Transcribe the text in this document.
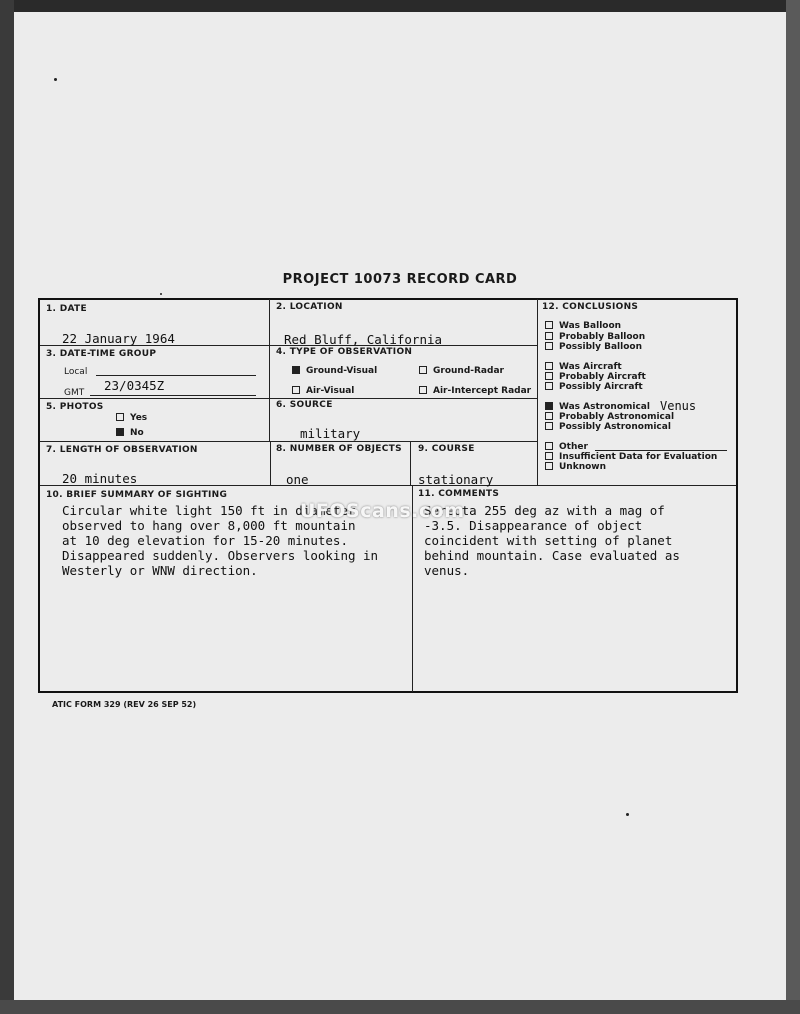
PROJECT 10073 RECORD CARD
1. DATE
22 January 1964
2. LOCATION
Red Bluff, California
3. DATE-TIME GROUP
Local
GMT 23/0345Z
4. TYPE OF OBSERVATION
Ground-Visual	Ground-Radar
Air-Visual	Air-Intercept Radar
5. PHOTOS
Yes
No
6. SOURCE
military
7. LENGTH OF OBSERVATION
20 minutes
8. NUMBER OF OBJECTS
one
9. COURSE
stationary
10. BRIEF SUMMARY OF SIGHTING
Circular white light 150 ft in diameter
observed to hang over 8,000 ft mountain
at 10 deg elevation for 15-20 minutes.
Disappeared suddenly. Observers looking in
Westerly or WNW direction.
11. COMMENTS
Sereota 255 deg az with a mag of
-3.5. Disappearance of object
coincident with setting of planet
behind mountain. Case evaluated as
venus.
12. CONCLUSIONS
Was Balloon
Probably Balloon
Possibly Balloon
Was Aircraft
Probably Aircraft
Possibly Aircraft
Was Astronomical Venus
Probably Astronomical
Possibly Astronomical
Other
Insufficient Data for Evaluation
Unknown
ATIC FORM 329 (REV 26 SEP 52)
UFOScans.com
